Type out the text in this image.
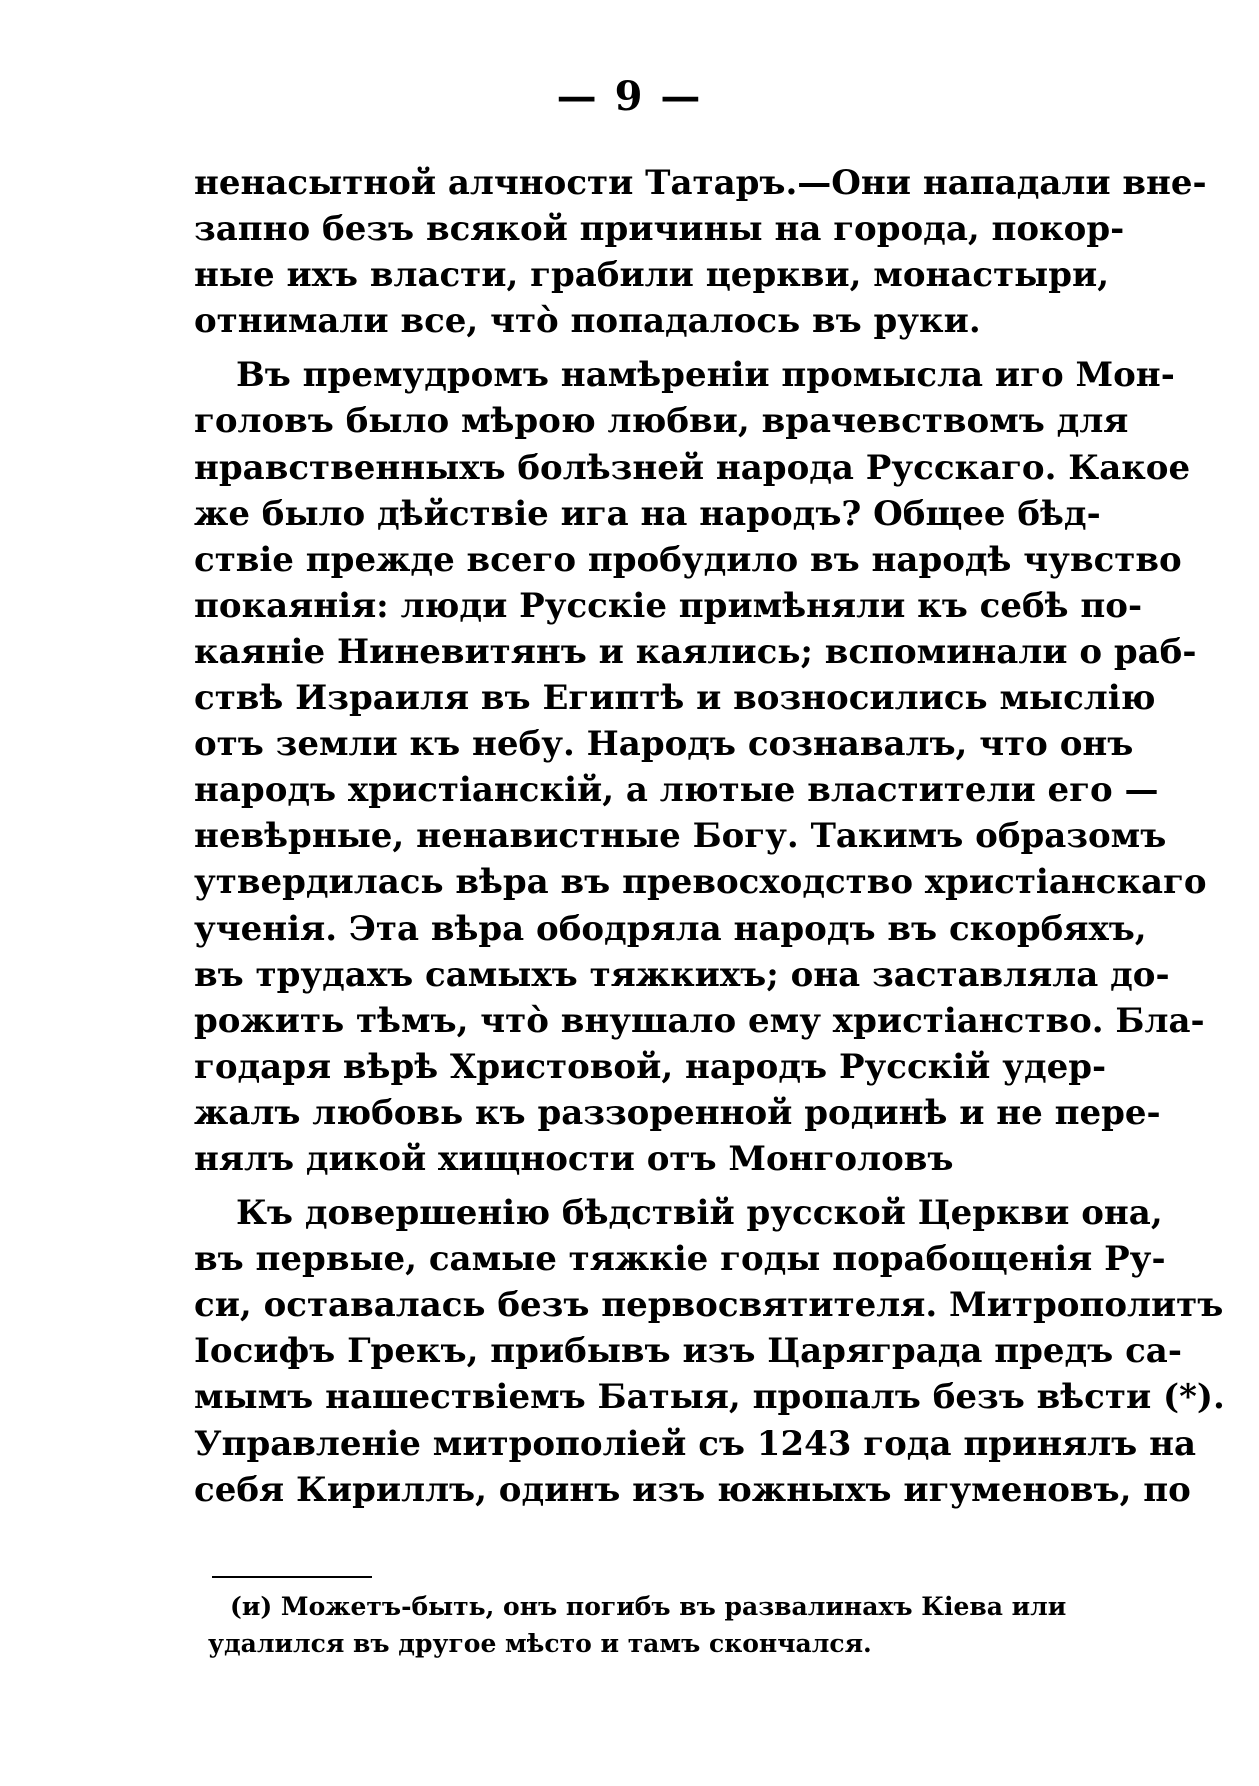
— 9 —
ненасытной алчности Татаръ.—Они нападали вне-
запно безъ всякой причины на города, покор-
ные ихъ власти, грабили церкви, монастыри,
отнимали все, что̀ попадалось въ руки.
Въ премудромъ намѣреніи промысла иго Мон-
головъ было мѣрою любви, врачевствомъ для
нравственныхъ болѣзней народа Русскаго. Какое
же было дѣйствіе ига на народъ? Общее бѣд-
ствіе прежде всего пробудило въ народѣ чувство
покаянія: люди Русскіе примѣняли къ себѣ по-
каяніе Ниневитянъ и каялись; вспоминали о раб-
ствѣ Израиля въ Египтѣ и возносились мыслію
отъ земли къ небу. Народъ сознавалъ, что онъ
народъ христіанскій, а лютые властители его —
невѣрные, ненавистные Богу. Такимъ образомъ
утвердилась вѣра въ превосходство христіанскаго
ученія. Эта вѣра ободряла народъ въ скорбяхъ,
въ трудахъ самыхъ тяжкихъ; она заставляла до-
рожить тѣмъ, что̀ внушало ему христіанство. Бла-
годаря вѣрѣ Христовой, народъ Русскій удер-
жалъ любовь къ раззоренной родинѣ и не пере-
нялъ дикой хищности отъ Монголовъ
Къ довершенію бѣдствій русской Церкви она,
въ первые, самые тяжкіе годы порабощенія Ру-
си, оставалась безъ первосвятителя. Митрополитъ
Іосифъ Грекъ, прибывъ изъ Царяграда предъ са-
мымъ нашествіемъ Батыя, пропалъ безъ вѣсти (*).
Управленіе митрополіей съ 1243 года принялъ на
себя Кириллъ, одинъ изъ южныхъ игуменовъ, по
(и) Можетъ-быть, онъ погибъ въ развалинахъ Кіева или
удалился въ другое мѣсто и тамъ скончался.
